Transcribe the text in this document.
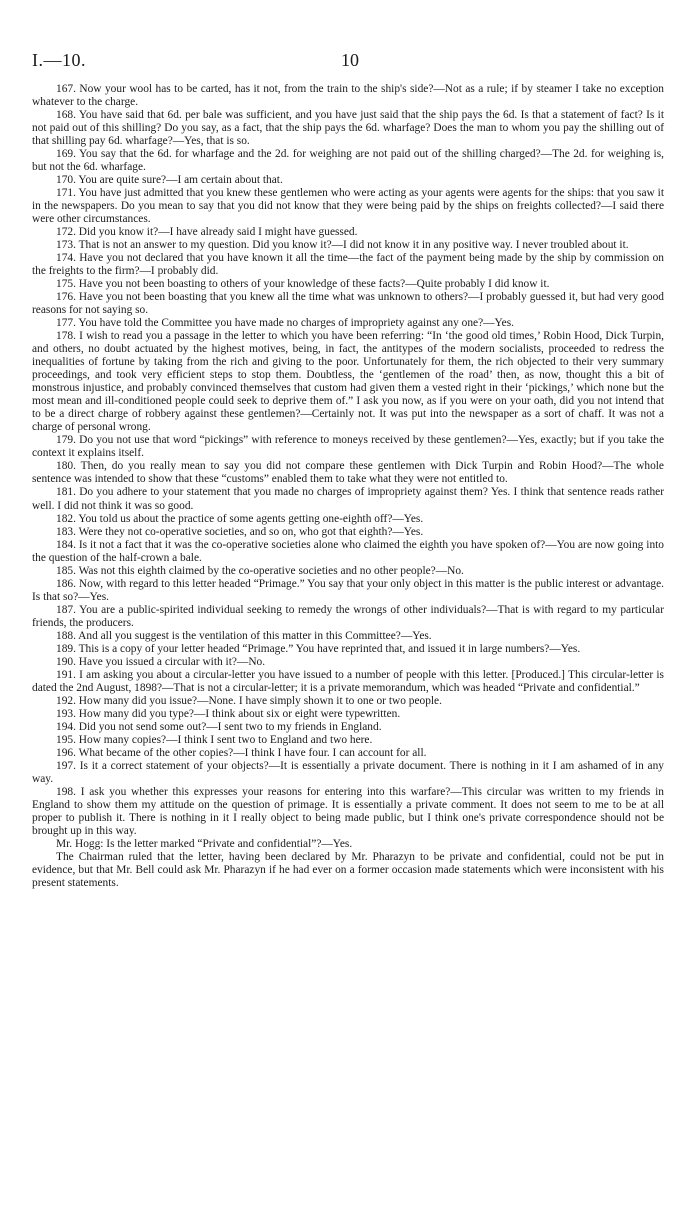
I.—10.	10

167. Now your wool has to be carted, has it not, from the train to the ship's side?—Not as a rule; if by steamer I take no exception whatever to the charge.

168. You have said that 6d. per bale was sufficient, and you have just said that the ship pays the 6d. Is that a statement of fact? Is it not paid out of this shilling? Do you say, as a fact, that the ship pays the 6d. wharfage? Does the man to whom you pay the shilling out of that shilling pay 6d. wharfage?—Yes, that is so.

169. You say that the 6d. for wharfage and the 2d. for weighing are not paid out of the shilling charged?—The 2d. for weighing is, but not the 6d. wharfage.

170. You are quite sure?—I am certain about that.

171. You have just admitted that you knew these gentlemen who were acting as your agents were agents for the ships: that you saw it in the newspapers. Do you mean to say that you did not know that they were being paid by the ships on freights collected?—I said there were other circumstances.

172. Did you know it?—I have already said I might have guessed.

173. That is not an answer to my question. Did you know it?—I did not know it in any positive way. I never troubled about it.

174. Have you not declared that you have known it all the time—the fact of the payment being made by the ship by commission on the freights to the firm?—I probably did.

175. Have you not been boasting to others of your knowledge of these facts?—Quite probably I did know it.

176. Have you not been boasting that you knew all the time what was unknown to others?—I probably guessed it, but had very good reasons for not saying so.

177. You have told the Committee you have made no charges of impropriety against any one?—Yes.

178. I wish to read you a passage in the letter to which you have been referring: “In ‘the good old times,’ Robin Hood, Dick Turpin, and others, no doubt actuated by the highest motives, being, in fact, the antitypes of the modern socialists, proceeded to redress the inequalities of fortune by taking from the rich and giving to the poor. Unfortunately for them, the rich objected to their very summary proceedings, and took very efficient steps to stop them. Doubtless, the ‘gentlemen of the road’ then, as now, thought this a bit of monstrous injustice, and probably convinced themselves that custom had given them a vested right in their ‘pickings,’ which none but the most mean and ill-conditioned people could seek to deprive them of.” I ask you now, as if you were on your oath, did you not intend that to be a direct charge of robbery against these gentlemen?—Certainly not. It was put into the newspaper as a sort of chaff. It was not a charge of personal wrong.

179. Do you not use that word “pickings” with reference to moneys received by these gentlemen?—Yes, exactly; but if you take the context it explains itself.

180. Then, do you really mean to say you did not compare these gentlemen with Dick Turpin and Robin Hood?—The whole sentence was intended to show that these “customs” enabled them to take what they were not entitled to.

181. Do you adhere to your statement that you made no charges of impropriety against them? Yes. I think that sentence reads rather well. I did not think it was so good.

182. You told us about the practice of some agents getting one-eighth off?—Yes.

183. Were they not co-operative societies, and so on, who got that eighth?—Yes.

184. Is it not a fact that it was the co-operative societies alone who claimed the eighth you have spoken of?—You are now going into the question of the half-crown a bale.

185. Was not this eighth claimed by the co-operative societies and no other people?—No.

186. Now, with regard to this letter headed “Primage.” You say that your only object in this matter is the public interest or advantage. Is that so?—Yes.

187. You are a public-spirited individual seeking to remedy the wrongs of other individuals?—That is with regard to my particular friends, the producers.

188. And all you suggest is the ventilation of this matter in this Committee?—Yes.

189. This is a copy of your letter headed “Primage.” You have reprinted that, and issued it in large numbers?—Yes.

190. Have you issued a circular with it?—No.

191. I am asking you about a circular-letter you have issued to a number of people with this letter. [Produced.] This circular-letter is dated the 2nd August, 1898?—That is not a circular-letter; it is a private memorandum, which was headed “Private and confidential.”

192. How many did you issue?—None. I have simply shown it to one or two people.

193. How many did you type?—I think about six or eight were typewritten.

194. Did you not send some out?—I sent two to my friends in England.

195. How many copies?—I think I sent two to England and two here.

196. What became of the other copies?—I think I have four. I can account for all.

197. Is it a correct statement of your objects?—It is essentially a private document. There is nothing in it I am ashamed of in any way.

198. I ask you whether this expresses your reasons for entering into this warfare?—This circular was written to my friends in England to show them my attitude on the question of primage. It is essentially a private comment. It does not seem to me to be at all proper to publish it. There is nothing in it I really object to being made public, but I think one's private correspondence should not be brought up in this way.

Mr. Hogg: Is the letter marked “Private and confidential”?—Yes.

The Chairman ruled that the letter, having been declared by Mr. Pharazyn to be private and confidential, could not be put in evidence, but that Mr. Bell could ask Mr. Pharazyn if he had ever on a former occasion made statements which were inconsistent with his present statements.
